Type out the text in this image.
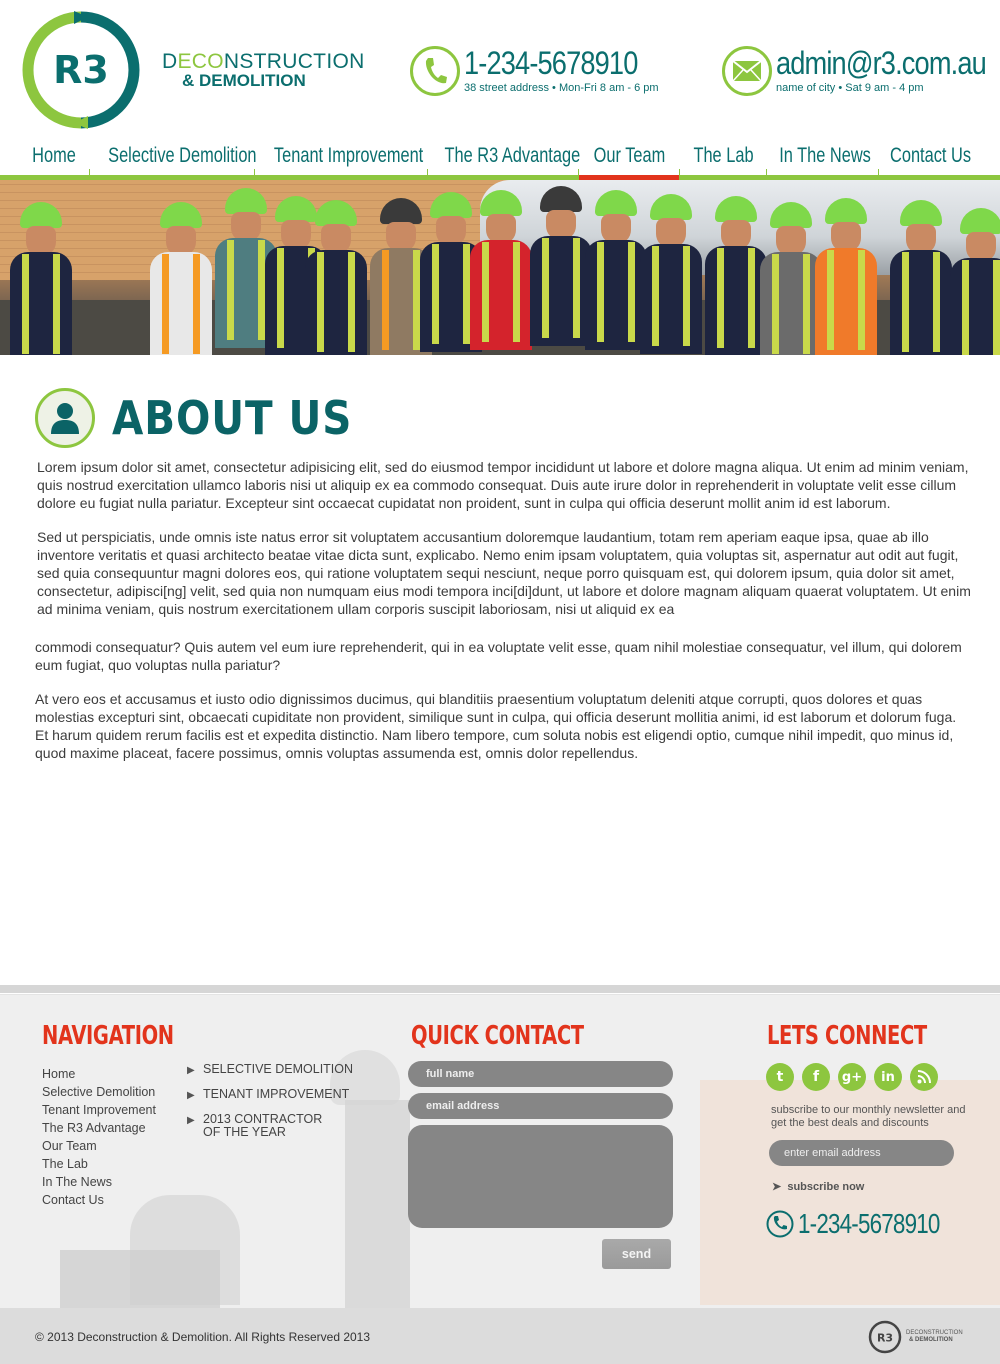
R3	DECONSTRUCTION
& DEMOLITION	1-234-5678910
38 street address • Mon-Fri 8 am - 6 pm
admin@r3.com.au
name of city • Sat 9 am - 4 pm
Home Selective Demolition Tenant Improvement The R3 Advantage Our Team The Lab In The News Contact Us
ABOUT US

Lorem ipsum dolor sit amet, consectetur adipisicing elit, sed do eiusmod tempor incididunt ut labore et dolore magna aliqua. Ut enim ad minim veniam, quis nostrud exercitation ullamco laboris nisi ut aliquip ex ea commodo consequat. Duis aute irure dolor in reprehenderit in voluptate velit esse cillum dolore eu fugiat nulla pariatur. Excepteur sint occaecat cupidatat non proident, sunt in culpa qui officia deserunt mollit anim id est laborum.

Sed ut perspiciatis, unde omnis iste natus error sit voluptatem accusantium doloremque laudantium, totam rem aperiam eaque ipsa, quae ab illo inventore veritatis et quasi architecto beatae vitae dicta sunt, explicabo. Nemo enim ipsam voluptatem, quia voluptas sit, aspernatur aut odit aut fugit, sed quia consequuntur magni dolores eos, qui ratione voluptatem sequi nesciunt, neque porro quisquam est, qui dolorem ipsum, quia dolor sit amet, consectetur, adipisci[ng] velit, sed quia non numquam eius modi tempora inci[di]dunt, ut labore et dolore magnam aliquam quaerat voluptatem. Ut enim ad minima veniam, quis nostrum exercitationem ullam corporis suscipit laboriosam, nisi ut aliquid ex ea

commodi consequatur? Quis autem vel eum iure reprehenderit, qui in ea voluptate velit esse, quam nihil molestiae consequatur, vel illum, qui dolorem eum fugiat, quo voluptas nulla pariatur?

At vero eos et accusamus et iusto odio dignissimos ducimus, qui blanditiis praesentium voluptatum deleniti atque corrupti, quos dolores et quas molestias excepturi sint, obcaecati cupiditate non provident, similique sunt in culpa, qui officia deserunt mollitia animi, id est laborum et dolorum fuga. Et harum quidem rerum facilis est et expedita distinctio. Nam libero tempore, cum soluta nobis est eligendi optio, cumque nihil impedit, quo minus id, quod maxime placeat, facere possimus, omnis voluptas assumenda est, omnis dolor repellendus.

NAVIGATION
Home
Selective Demolition
Tenant Improvement
The R3 Advantage
Our Team
The Lab
In The News
Contact Us
▶ SELECTIVE DEMOLITION
▶ TENANT IMPROVEMENT
▶ 2013 CONTRACTOR
OF THE YEAR
QUICK CONTACT
full name
email address
send
LETS CONNECT
t f g+ in
subscribe to our monthly newsletter and get the best deals and discounts
enter email address
➤  subscribe now
1-234-5678910
© 2013 Deconstruction & Demolition. All Rights Reserved 2013	R3 DECONSTRUCTION
& DEMOLITION
